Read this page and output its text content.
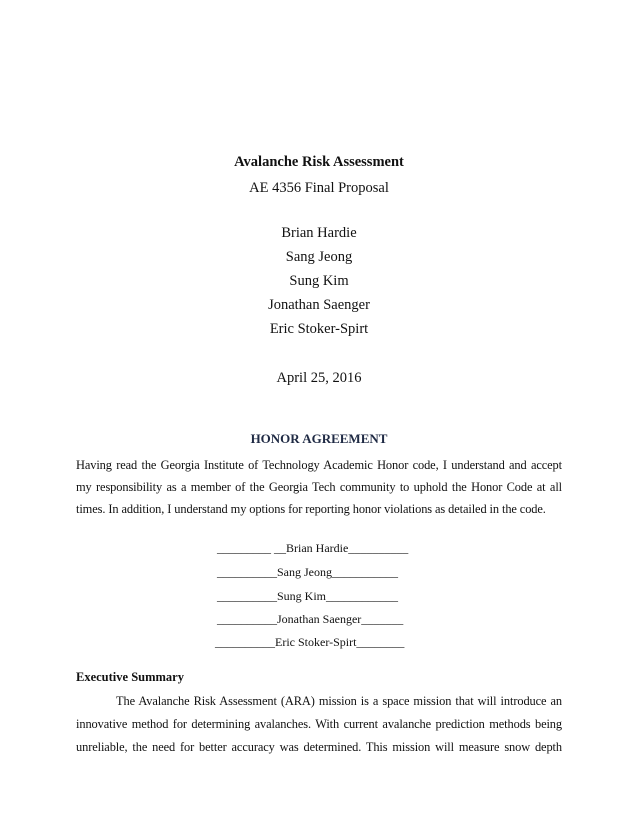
Avalanche Risk Assessment
AE 4356 Final Proposal
Brian Hardie
Sang Jeong
Sung Kim
Jonathan Saenger
Eric Stoker-Spirt
April 25, 2016
HONOR AGREEMENT
Having read the Georgia Institute of Technology Academic Honor code, I understand and accept
my responsibility as a member of the Georgia Tech community to uphold the Honor Code at all
times. In addition, I understand my options for reporting honor violations as detailed in the code.
_________ __Brian Hardie__________
__________Sang Jeong___________
__________Sung Kim____________
__________Jonathan Saenger_______
__________Eric Stoker-Spirt________
Executive Summary
The Avalanche Risk Assessment (ARA) mission is a space mission that will introduce an
innovative method for determining avalanches. With current avalanche prediction methods being
unreliable, the need for better accuracy was determined. This mission will measure snow depth
